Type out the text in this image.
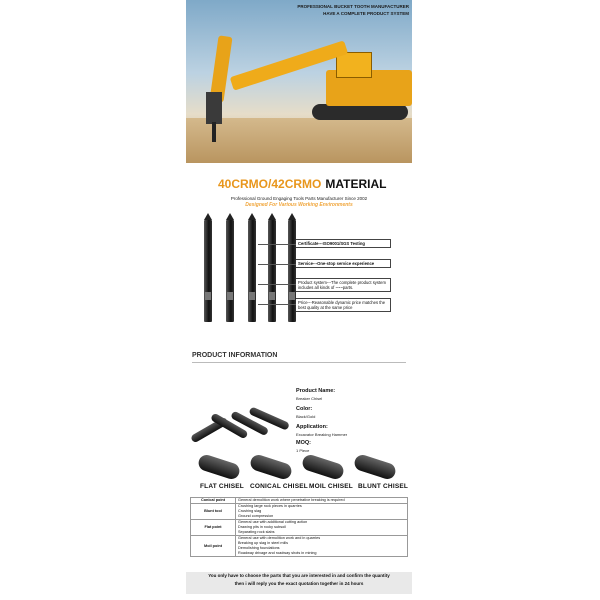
PROFESSIONAL BUCKET TOOTH MANUFACTURER
HAVE A COMPLETE PRODUCT SYSTEM
40CRMO/42CRMO MATERIAL
Professional Ground Engaging Tools Parts Manufacturer Since 2002
Designed For Various Working Environments
Certificate---ISO9001/SGS Testing
Service---One-stop service experience
Product system---The complete product system includes all kinds of ~~~parts.
Price---Reasonable dynamic price matches the best quality at the same price
PRODUCT INFORMATION
Product Name:
Breaker Chisel
Color:
Black/Gold
Application:
Excavator Breaking Hammer
MOQ:
1 Piece
FLAT CHISEL CONICAL CHISEL MOIL CHISEL BLUNT CHISEL
Conical point	General demolition work where penetrative breaking is required

Blunt tool	Crushing large rock pieces in quarries
Crushing slag
Ground compression

Flat point	General use with additional cutting action
Drawing pits in rocky subsoil
Separating rock slabs

Moil point	General use with demolition work and in quarries
Breaking up slag in steel mills
Demolishing foundations
Roadway drivage and roadway shots in mining
You only have to choose the parts that you are interested in and confirm the quantity
then i will reply you the exact quotation together in 24 hours
